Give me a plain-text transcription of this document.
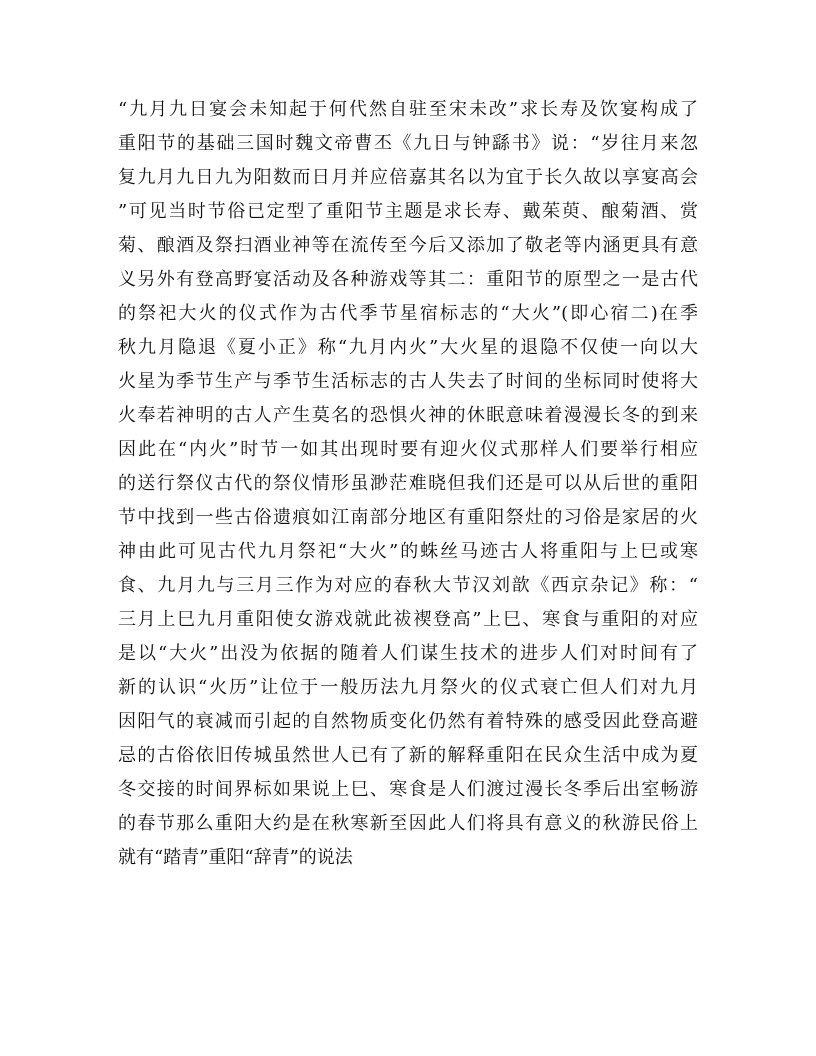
“九月九日宴会未知起于何代然自驻至宋未改”求长寿及饮宴构成了
重阳节的基础三国时魏文帝曹丕《九日与钟繇书》说：“岁往月来忽
复九月九日九为阳数而日月并应倍嘉其名以为宜于长久故以享宴高会
”可见当时节俗已定型了重阳节主题是求长寿、戴茱萸、酿菊酒、赏
菊、酿酒及祭扫酒业神等在流传至今后又添加了敬老等内涵更具有意
义另外有登高野宴活动及各种游戏等其二：重阳节的原型之一是古代
的祭祀大火的仪式作为古代季节星宿标志的“大火”(即心宿二)在季
秋九月隐退《夏小正》称“九月内火”大火星的退隐不仅使一向以大
火星为季节生产与季节生活标志的古人失去了时间的坐标同时使将大
火奉若神明的古人产生莫名的恐惧火神的休眠意味着漫漫长冬的到来
因此在“内火”时节一如其出现时要有迎火仪式那样人们要举行相应
的送行祭仪古代的祭仪情形虽渺茫难晓但我们还是可以从后世的重阳
节中找到一些古俗遗痕如江南部分地区有重阳祭灶的习俗是家居的火
神由此可见古代九月祭祀“大火”的蛛丝马迹古人将重阳与上巳或寒
食、九月九与三月三作为对应的春秋大节汉刘歆《西京杂记》称：“
三月上巳九月重阳使女游戏就此祓禊登高”上巳、寒食与重阳的对应
是以“大火”出没为依据的随着人们谋生技术的进步人们对时间有了
新的认识“火历”让位于一般历法九月祭火的仪式衰亡但人们对九月
因阳气的衰减而引起的自然物质变化仍然有着特殊的感受因此登高避
忌的古俗依旧传城虽然世人已有了新的解释重阳在民众生活中成为夏
冬交接的时间界标如果说上巳、寒食是人们渡过漫长冬季后出室畅游
的春节那么重阳大约是在秋寒新至因此人们将具有意义的秋游民俗上
就有“踏青”重阳“辞青”的说法
